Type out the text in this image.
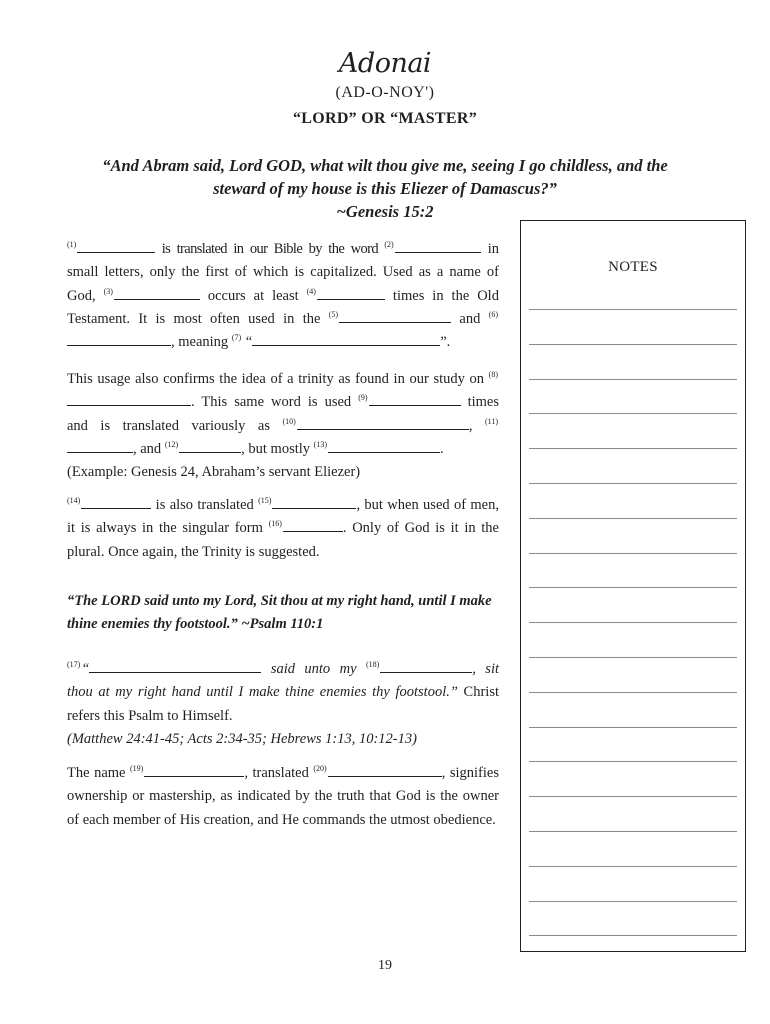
Adonai
(AD-O-NOY')
“LORD” OR “MASTER”
“And Abram said, Lord GOD, what wilt thou give me, seeing I go childless, and the steward of my house is this Eliezer of Damascus?”
~Genesis 15:2

$^{(1)}$	is translated in our Bible by the word $^{(2)}$	in small letters, only the first of which is capitalized. Used as a name of God, $^{(3)}$	occurs at least $^{(4)}$	times in the Old Testament. It is most often used in the $^{(5)}$	and $^{(6)}$, meaning $^{(7)}$ “	”.

This usage also confirms the idea of a trinity as found in our study on $^{(8)}$. This same word is used $^{(9)}$	times and is translated variously as $^{(10)}$	, $^{(11)}$, and $^{(12)}$	, but mostly $^{(13)}$	.

(Example: Genesis 24, Abraham’s servant Eliezer)

$^{(14)}$	is also translated $^{(15)}$	, but when used of men, it is always in the singular form $^{(16)}$	. Only of God is it in the plural. Once again, the Trinity is suggested.

“The LORD said unto my Lord, Sit thou at my right hand, until I make thine enemies thy footstool.” ~Psalm 110:1

$^{(17)}$“	said unto my $^{(18)}$	, sit thou at my right hand until I make thine enemies thy footstool.” Christ refers this Psalm to Himself.

(Matthew 24:41-45; Acts 2:34-35; Hebrews 1:13, 10:12-13)

The name $^{(19)}$	, translated $^{(20)}$	, signifies ownership or mastership, as indicated by the truth that God is the owner of each member of His creation, and He commands the utmost obedience.

NOTES
19
